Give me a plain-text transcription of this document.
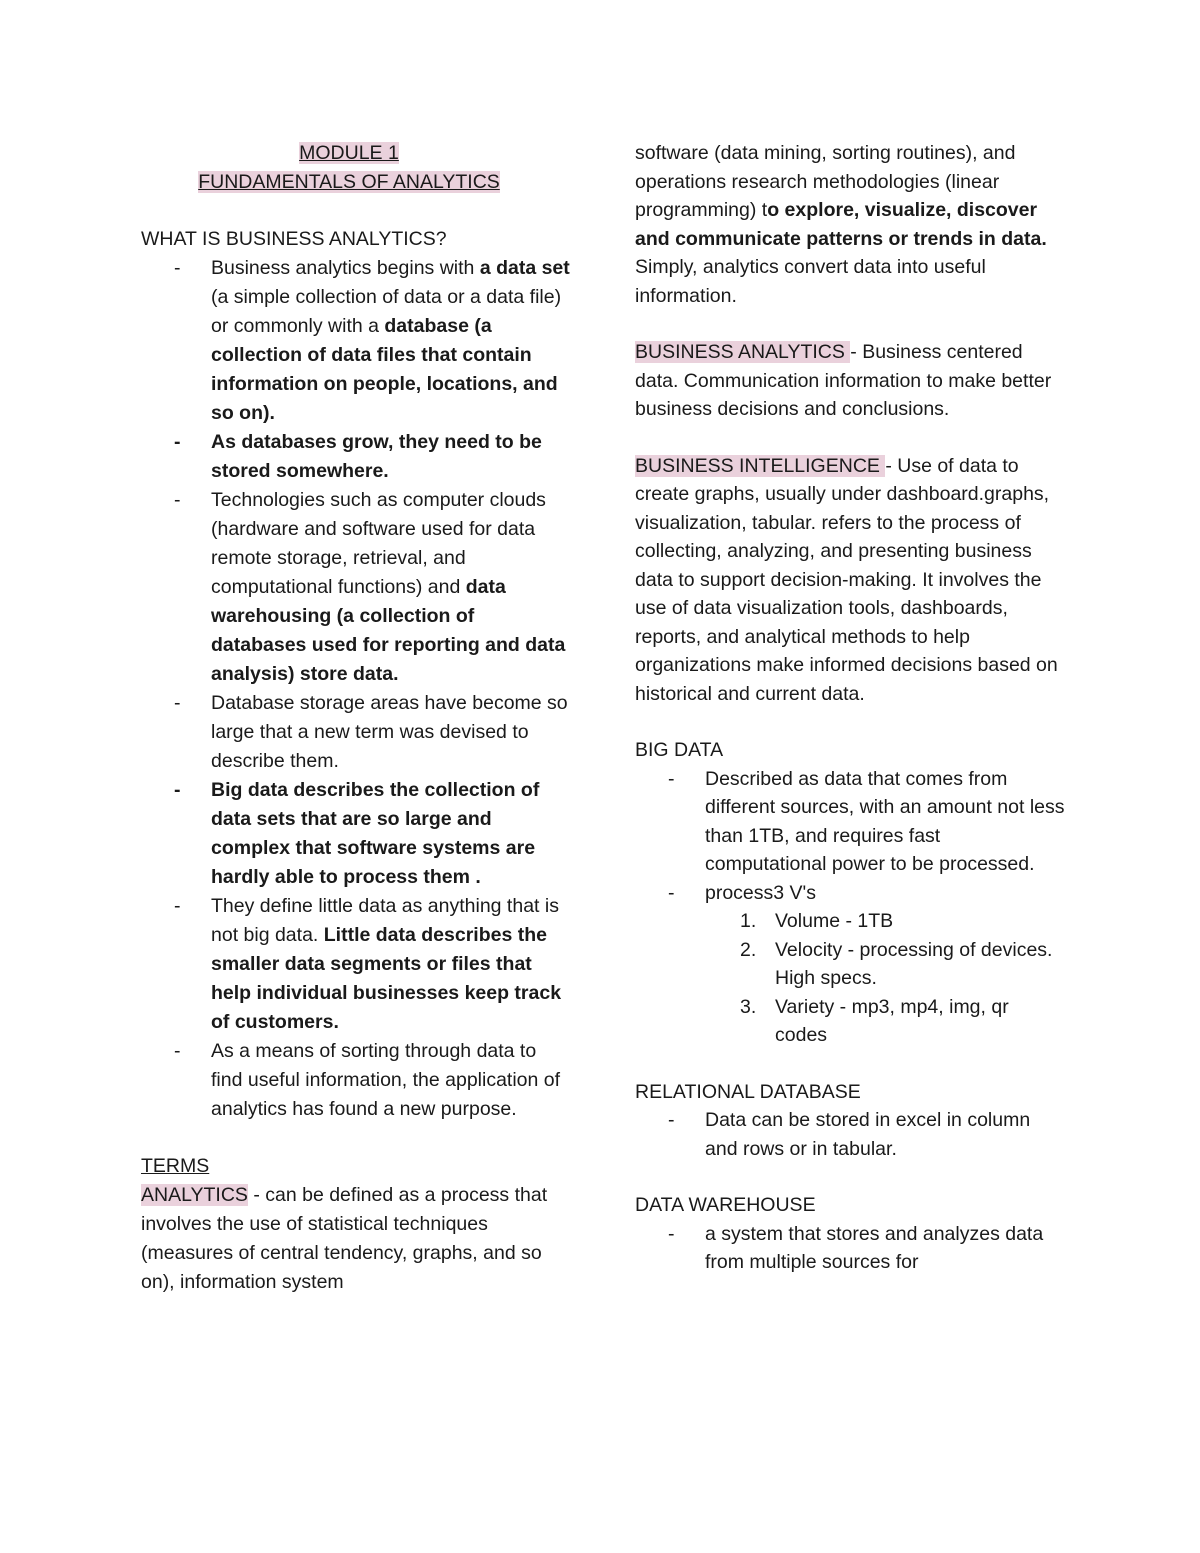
MODULE 1

FUNDAMENTALS OF ANALYTICS

WHAT IS BUSINESS ANALYTICS?

- Business analytics begins with a data set (a simple collection of data or a data file) or commonly with a database (a collection of data files that contain information on people, locations, and so on).
- As databases grow, they need to be stored somewhere.
- Technologies such as computer clouds (hardware and software used for data remote storage, retrieval, and computational functions) and data warehousing (a collection of databases used for reporting and data analysis) store data.
- Database storage areas have become so large that a new term was devised to describe them.
- Big data describes the collection of data sets that are so large and complex that software systems are hardly able to process them .
- They define little data as anything that is not big data. Little data describes the smaller data segments or files that help individual businesses keep track of customers.
- As a means of sorting through data to find useful information, the application of analytics has found a new purpose.

TERMS

ANALYTICS - can be defined as a process that involves the use of statistical techniques (measures of central tendency, graphs, and so on), information system

software (data mining, sorting routines), and operations research methodologies (linear programming) to explore, visualize, discover and communicate patterns or trends in data. Simply, analytics convert data into useful information.

BUSINESS ANALYTICS - Business centered data. Communication information to make better business decisions and conclusions.

BUSINESS INTELLIGENCE - Use of data to create graphs, usually under dashboard.graphs, visualization, tabular. refers to the process of collecting, analyzing, and presenting business data to support decision-making. It involves the use of data visualization tools, dashboards, reports, and analytical methods to help organizations make informed decisions based on historical and current data.

BIG DATA

- Described as data that comes from different sources, with an amount not less than 1TB, and requires fast computational power to be processed.
- process3 V's
1. Volume - 1TB
2. Velocity - processing of devices. High specs.
3. Variety - mp3, mp4, img, qr codes

RELATIONAL DATABASE

- Data can be stored in excel in column and rows or in tabular.

DATA WAREHOUSE

- a system that stores and analyzes data from multiple sources for
